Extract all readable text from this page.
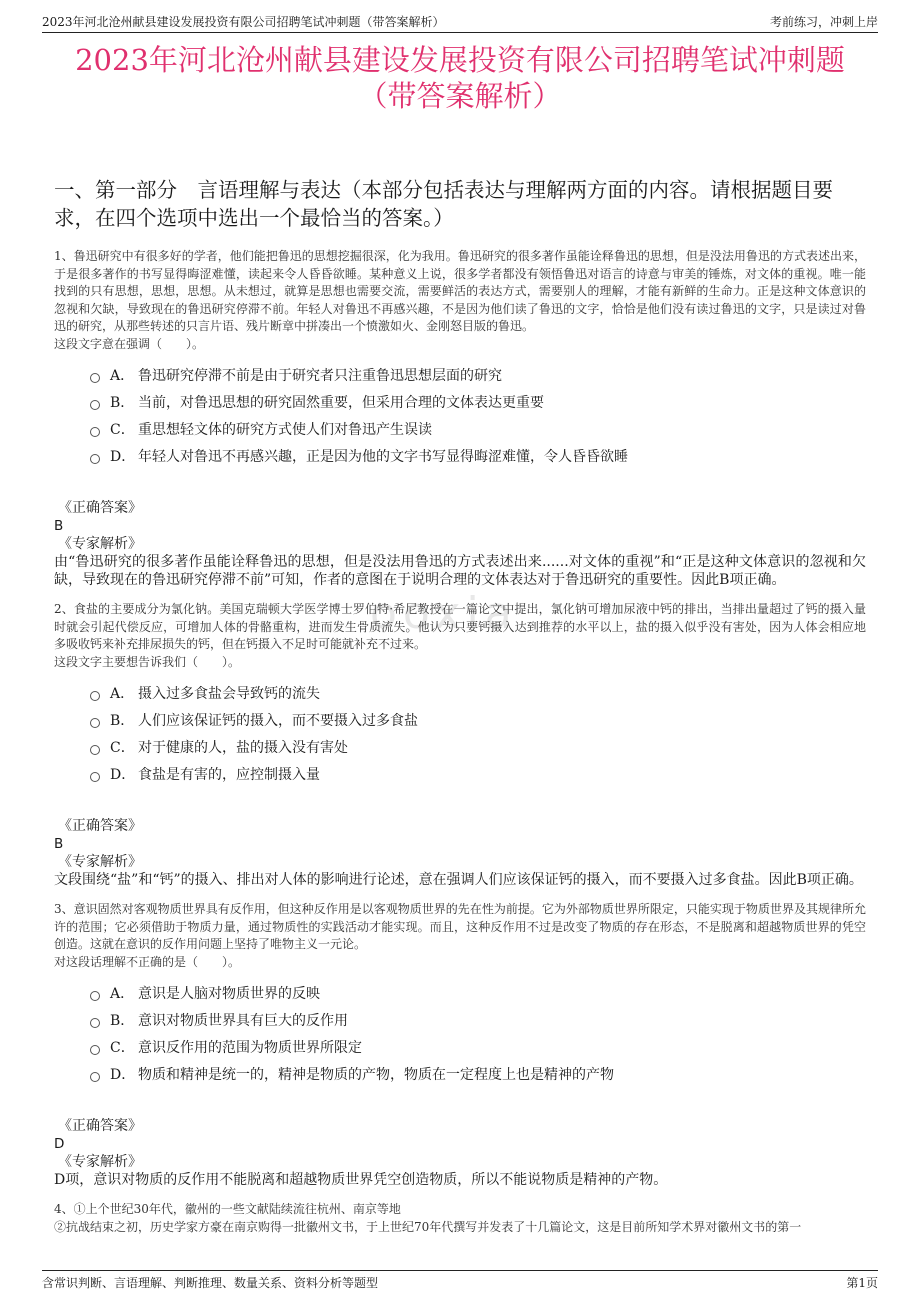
2023年河北沧州献县建设发展投资有限公司招聘笔试冲刺题（带答案解析）	考前练习，冲刺上岸
2023年河北沧州献县建设发展投资有限公司招聘笔试冲刺题
（带答案解析）
一、第一部分　言语理解与表达（本部分包括表达与理解两方面的内容。请根据题目要求，在四个选项中选出一个最恰当的答案。）
ooxia

1、鲁迅研究中有很多好的学者，他们能把鲁迅的思想挖掘很深，化为我用。鲁迅研究的很多著作虽能诠释鲁迅的思想，但是没法用鲁迅的方式表述出来，于是很多著作的书写显得晦涩难懂，读起来令人昏昏欲睡。某种意义上说，很多学者都没有领悟鲁迅对语言的诗意与审美的锤炼，对文体的重视。唯一能找到的只有思想，思想，思想。从未想过，就算是思想也需要交流，需要鲜活的表达方式，需要别人的理解，才能有新鲜的生命力。正是这种文体意识的忽视和欠缺，导致现在的鲁迅研究停滞不前。年轻人对鲁迅不再感兴趣，不是因为他们读了鲁迅的文字，恰恰是他们没有读过鲁迅的文字，只是读过对鲁迅的研究，从那些转述的只言片语、残片断章中拼凑出一个愤激如火、金刚怒目版的鲁迅。

这段文字意在强调（　　）。

A． 鲁迅研究停滞不前是由于研究者只注重鲁迅思想层面的研究
B． 当前，对鲁迅思想的研究固然重要，但采用合理的文体表达更重要
C． 重思想轻文体的研究方式使人们对鲁迅产生误读
D． 年轻人对鲁迅不再感兴趣，正是因为他的文字书写显得晦涩难懂，令人昏昏欲睡
《正确答案》
B
《专家解析》

由“鲁迅研究的很多著作虽能诠释鲁迅的思想，但是没法用鲁迅的方式表述出来......对文体的重视”和“正是这种文体意识的忽视和欠缺，导致现在的鲁迅研究停滞不前”可知，作者的意图在于说明合理的文体表达对于鲁迅研究的重要性。因此B项正确。

2、食盐的主要成分为氯化钠。美国克瑞顿大学医学博士罗伯特·希尼教授在一篇论文中提出，氯化钠可增加尿液中钙的排出，当排出量超过了钙的摄入量时就会引起代偿反应，可增加人体的骨骼重构，进而发生骨质流失。他认为只要钙摄入达到推荐的水平以上，盐的摄入似乎没有害处，因为人体会相应地多吸收钙来补充排尿损失的钙，但在钙摄入不足时可能就补充不过来。

这段文字主要想告诉我们（　　）。

A． 摄入过多食盐会导致钙的流失
B． 人们应该保证钙的摄入，而不要摄入过多食盐
C． 对于健康的人，盐的摄入没有害处
D． 食盐是有害的，应控制摄入量
《正确答案》
B
《专家解析》

文段围绕“盐”和“钙”的摄入、排出对人体的影响进行论述，意在强调人们应该保证钙的摄入，而不要摄入过多食盐。因此B项正确。

3、意识固然对客观物质世界具有反作用，但这种反作用是以客观物质世界的先在性为前提。它为外部物质世界所限定，只能实现于物质世界及其规律所允许的范围；它必须借助于物质力量，通过物质性的实践活动才能实现。而且，这种反作用不过是改变了物质的存在形态，不是脱离和超越物质世界的凭空创造。这就在意识的反作用问题上坚持了唯物主义一元论。

对这段话理解不正确的是（　　）。

A． 意识是人脑对物质世界的反映
B． 意识对物质世界具有巨大的反作用
C． 意识反作用的范围为物质世界所限定
D． 物质和精神是统一的，精神是物质的产物，物质在一定程度上也是精神的产物
《正确答案》
D
《专家解析》

D项，意识对物质的反作用不能脱离和超越物质世界凭空创造物质，所以不能说物质是精神的产物。

4、①上个世纪30年代，徽州的一些文献陆续流往杭州、南京等地

②抗战结束之初，历史学家方豪在南京购得一批徽州文书，于上世纪70年代撰写并发表了十几篇论文，这是目前所知学术界对徽州文书的第一

含常识判断、言语理解、判断推理、数量关系、资料分析等题型	第1页
